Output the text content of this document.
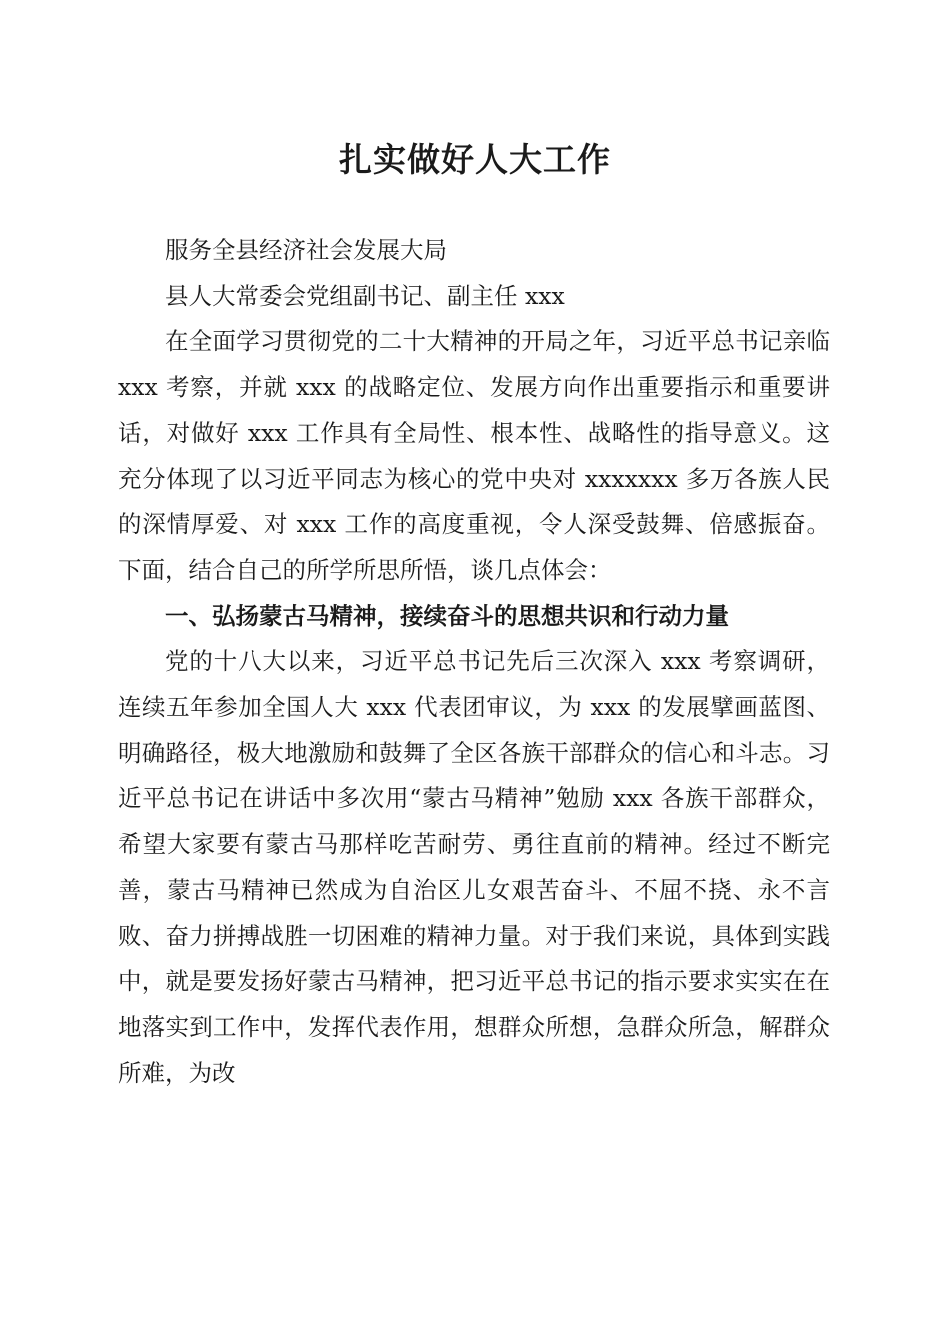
扎实做好人大工作

服务全县经济社会发展大局

县人大常委会党组副书记、副主任 xxx

在全面学习贯彻党的二十大精神的开局之年，习近平总书记亲临 xxx 考察，并就 xxx 的战略定位、发展方向作出重要指示和重要讲话，对做好 xxx 工作具有全局性、根本性、战略性的指导意义。这充分体现了以习近平同志为核心的党中央对 xxxxxxx 多万各族人民的深情厚爱、对 xxx 工作的高度重视，令人深受鼓舞、倍感振奋。下面，结合自己的所学所思所悟，谈几点体会：

一、弘扬蒙古马精神，接续奋斗的思想共识和行动力量

党的十八大以来，习近平总书记先后三次深入 xxx 考察调研，连续五年参加全国人大 xxx 代表团审议，为 xxx 的发展擘画蓝图、明确路径，极大地激励和鼓舞了全区各族干部群众的信心和斗志。习近平总书记在讲话中多次用“蒙古马精神”勉励 xxx 各族干部群众，希望大家要有蒙古马那样吃苦耐劳、勇往直前的精神。经过不断完善，蒙古马精神已然成为自治区儿女艰苦奋斗、不屈不挠、永不言败、奋力拼搏战胜一切困难的精神力量。对于我们来说，具体到实践中，就是要发扬好蒙古马精神，把习近平总书记的指示要求实实在在地落实到工作中，发挥代表作用，想群众所想，急群众所急，解群众所难，为改
